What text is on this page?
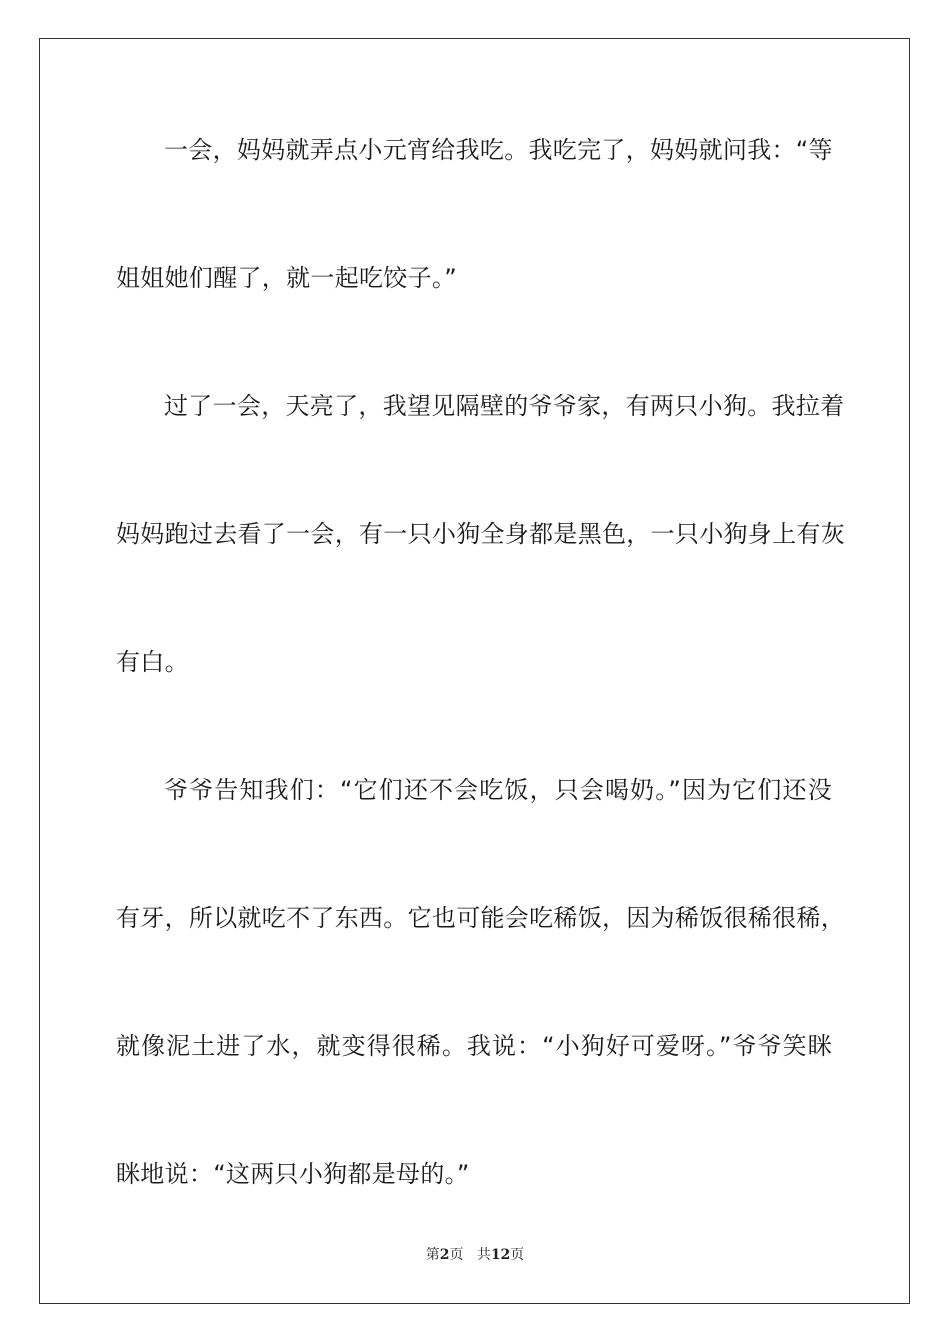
一会，妈妈就弄点小元宵给我吃。我吃完了，妈妈就问我：“等
姐姐她们醒了，就一起吃饺子。”
过了一会，天亮了，我望见隔壁的爷爷家，有两只小狗。我拉着
妈妈跑过去看了一会，有一只小狗全身都是黑色，一只小狗身上有灰
有白。
爷爷告知我们：“它们还不会吃饭，只会喝奶。”因为它们还没
有牙，所以就吃不了东西。它也可能会吃稀饭，因为稀饭很稀很稀，
就像泥土进了水，就变得很稀。我说：“小狗好可爱呀。”爷爷笑眯
眯地说：“这两只小狗都是母的。”
第2页 共12页
